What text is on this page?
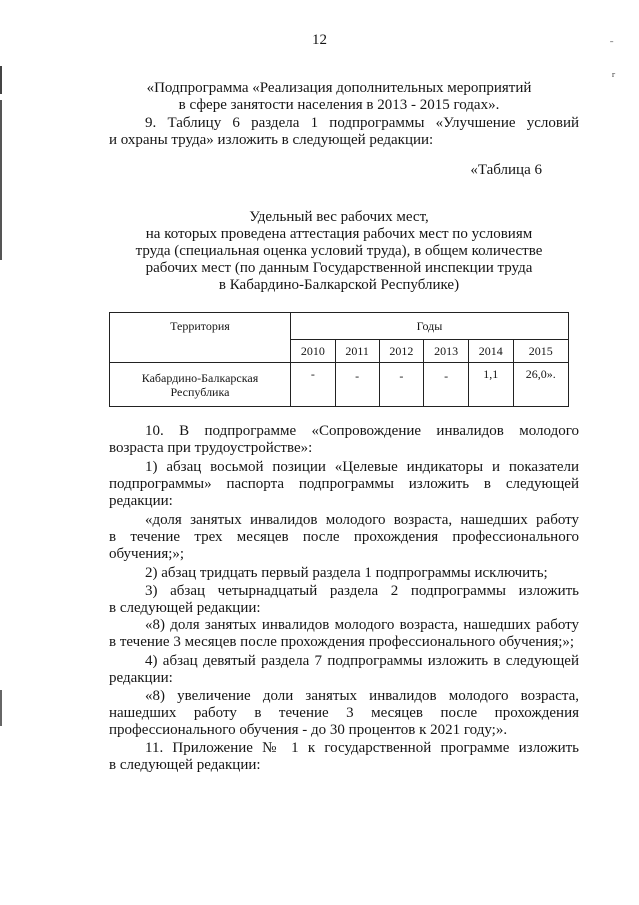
˗
г
12
«Подпрограмма «Реализация дополнительных мероприятий
в сфере занятости населения в 2013 - 2015 годах».
9. Таблицу 6 раздела 1 подпрограммы «Улучшение условий
и охраны труда» изложить в следующей редакции:
«Таблица 6
Удельный вес рабочих мест,
на которых проведена аттестация рабочих мест по условиям
труда (специальная оценка условий труда), в общем количестве
рабочих мест (по данным Государственной инспекции труда
в Кабардино-Балкарской Республике)
Территория	Годы					
	2010	2011	2012	2013	2014	2015
Кабардино-Балкарская
Республика	-	-	-	-	1,1	26,0».
10. В подпрограмме «Сопровождение инвалидов молодого
возраста при трудоустройстве»:
1) абзац восьмой позиции «Целевые индикаторы и показатели
подпрограммы» паспорта подпрограммы изложить в следующей
редакции:
«доля занятых инвалидов молодого возраста, нашедших работу
в течение трех месяцев после прохождения профессионального
обучения;»;
2) абзац тридцать первый раздела 1 подпрограммы исключить;
3) абзац четырнадцатый раздела 2 подпрограммы изложить
в следующей редакции:
«8) доля занятых инвалидов молодого возраста, нашедших работу
в течение 3 месяцев после прохождения профессионального обучения;»;
4) абзац девятый раздела 7 подпрограммы изложить в следующей
редакции:
«8) увеличение доли занятых инвалидов молодого возраста,
нашедших работу в течение 3 месяцев после прохождения
профессионального обучения - до 30 процентов к 2021 году;».
11. Приложение № 1 к государственной программе изложить
в следующей редакции:
